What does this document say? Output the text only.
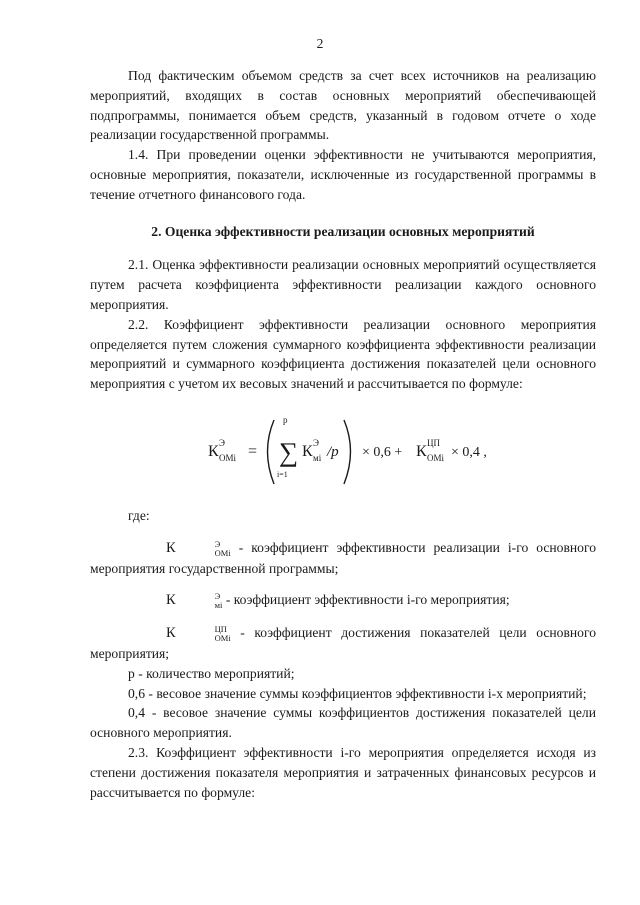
2

Под фактическим объемом средств за счет всех источников на реализацию мероприятий, входящих в состав основных мероприятий обеспечивающей подпрограммы, понимается объем средств, указанный в годовом отчете о ходе реализации государственной программы.

1.4. При проведении оценки эффективности не учитываются мероприятия, основные мероприятия, показатели, исключенные из государственной программы в течение отчетного финансового года.

2. Оценка эффективности реализации основных мероприятий

2.1. Оценка эффективности реализации основных мероприятий осуществляется путем расчета коэффициента эффективности реализации каждого основного мероприятия.

2.2. Коэффициент эффективности реализации основного мероприятия определяется путем сложения суммарного коэффициента эффективности реализации мероприятий и суммарного коэффициента достижения показателей цели основного мероприятия с учетом их весовых значений и рассчитывается по формуле:

К Э
ОМi =
p
∑
i=1
К Э
мi /p × 0,6 + К ЦП
ОМi × 0,4 ,

где:

К	Э
ОМi - коэффициент эффективности реализации i-го основного мероприятия государственной программы;

К	Э
мi - коэффициент эффективности i-го мероприятия;

К	ЦП
ОМi - коэффициент достижения показателей цели основного мероприятия;

р - количество мероприятий;

0,6 - весовое значение суммы коэффициентов эффективности i-х мероприятий;

0,4 - весовое значение суммы коэффициентов достижения показателей цели основного мероприятия.

2.3. Коэффициент эффективности i-го мероприятия определяется исходя из степени достижения показателя мероприятия и затраченных финансовых ресурсов и рассчитывается по формуле:
